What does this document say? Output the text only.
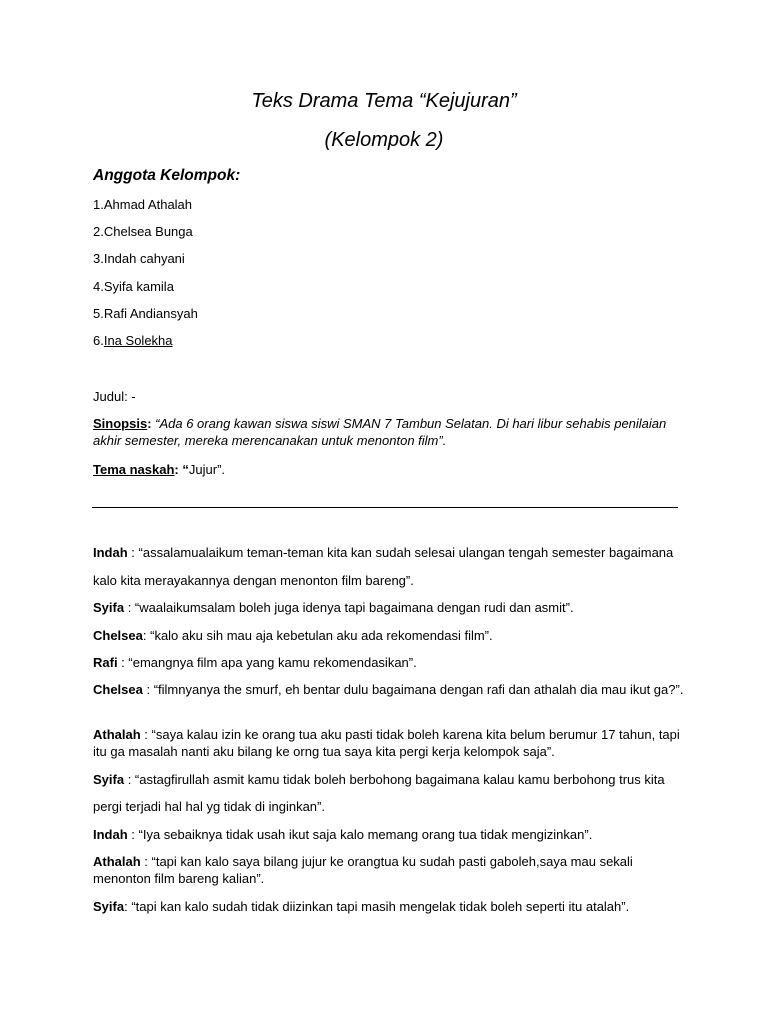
Teks Drama Tema “Kejujuran”
(Kelompok 2)
Anggota Kelompok:
1.Ahmad Athalah
2.Chelsea Bunga
3.Indah cahyani
4.Syifa kamila
5.Rafi Andiansyah
6.Ina Solekha
Judul: -
Sinopsis: “Ada 6 orang kawan siswa siswi SMAN 7 Tambun Selatan. Di hari libur sehabis penilaian akhir semester, mereka merencanakan untuk menonton film”.
Tema naskah: “Jujur”.
Indah : “assalamualaikum teman-teman kita kan sudah selesai ulangan tengah semester bagaimana
kalo kita merayakannya dengan menonton film bareng”.
Syifa : “waalaikumsalam boleh juga idenya tapi bagaimana dengan rudi dan asmit”.
Chelsea: “kalo aku sih mau aja kebetulan aku ada rekomendasi film”.
Rafi : “emangnya film apa yang kamu rekomendasikan”.
Chelsea : “filmnyanya the smurf, eh bentar dulu bagaimana dengan rafi dan athalah dia mau ikut ga?”.
Athalah : “saya kalau izin ke orang tua aku pasti tidak boleh karena kita belum berumur 17 tahun, tapi itu ga masalah nanti aku bilang ke orng tua saya kita pergi kerja kelompok saja”.
Syifa : “astagfirullah asmit kamu tidak boleh berbohong bagaimana kalau kamu berbohong trus kita
pergi terjadi hal hal yg tidak di inginkan”.
Indah : “Iya sebaiknya tidak usah ikut saja kalo memang orang tua tidak mengizinkan”.
Athalah : “tapi kan kalo saya bilang jujur ke orangtua ku sudah pasti gaboleh,saya mau sekali menonton film bareng kalian”.
Syifa: “tapi kan kalo sudah tidak diizinkan tapi masih mengelak tidak boleh seperti itu atalah”.
